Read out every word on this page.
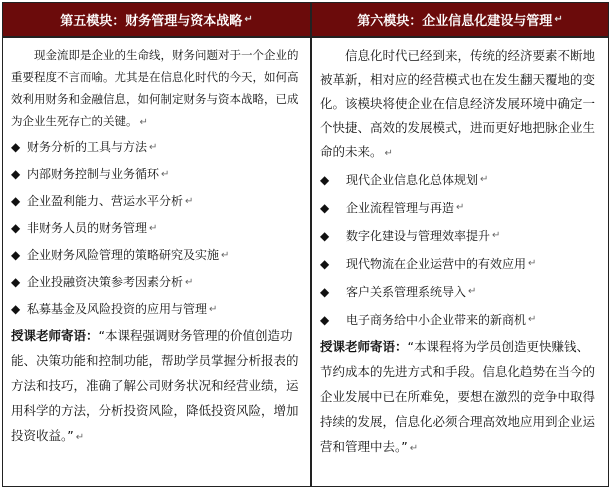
第五模块：财务管理与资本战略 ↵

现金流即是企业的生命线，财务问题对于一个企业的重要程度不言而喻。尤其是在信息化时代的今天，如何高效利用财务和金融信息，如何制定财务与资本战略，已成为企业生死存亡的关键。 ↵

◆ 财务分析的工具与方法 ↵
◆ 内部财务控制与业务循环 ↵
◆ 企业盈利能力、营运水平分析 ↵
◆ 非财务人员的财务管理 ↵
◆ 企业财务风险管理的策略研究及实施 ↵
◆ 企业投融资决策参考因素分析 ↵
◆ 私募基金及风险投资的应用与管理 ↵

授课老师寄语：“本课程强调财务管理的价值创造功能、决策功能和控制功能，帮助学员掌握分析报表的方法和技巧，准确了解公司财务状况和经营业绩，运用科学的方法，分析投资风险，降低投资风险，增加投资收益。” ↵

第六模块：企业信息化建设与管理 ↵

信息化时代已经到来，传统的经济要素不断地被革新，相对应的经营模式也在发生翻天覆地的变化。该模块将使企业在信息经济发展环境中确定一个快捷、高效的发展模式，进而更好地把脉企业生命的未来。 ↵

◆	现代企业信息化总体规划 ↵
◆	企业流程管理与再造 ↵
◆	数字化建设与管理效率提升 ↵
◆	现代物流在企业运营中的有效应用 ↵
◆	客户关系管理系统导入 ↵
◆	电子商务给中小企业带来的新商机 ↵

授课老师寄语：“本课程将为学员创造更快赚钱、节约成本的先进方式和手段。信息化趋势在当今的企业发展中已在所难免，要想在激烈的竞争中取得持续的发展，信息化必须合理高效地应用到企业运营和管理中去。” ↵
